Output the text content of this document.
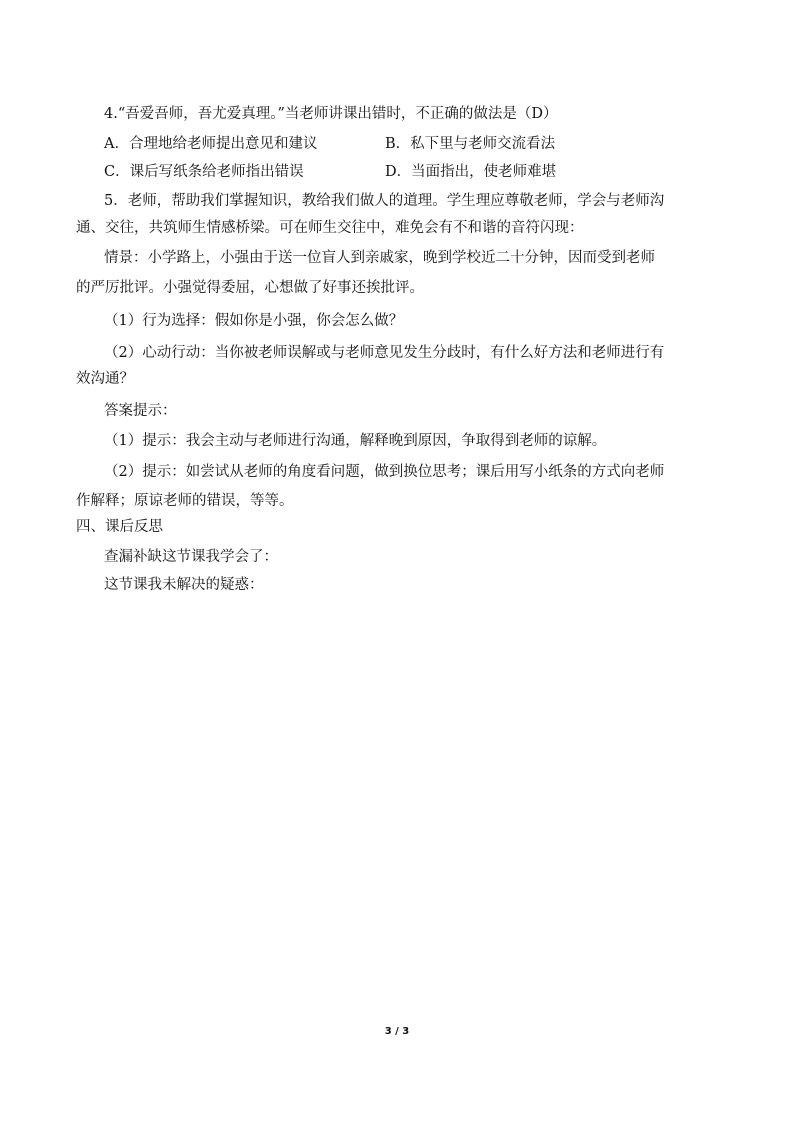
4.“吾爱吾师，吾尤爱真理。”当老师讲课出错时，不正确的做法是（D）
A．合理地给老师提出意见和建议	B．私下里与老师交流看法
C．课后写纸条给老师指出错误	D．当面指出，使老师难堪
5．老师，帮助我们掌握知识，教给我们做人的道理。学生理应尊敬老师，学会与老师沟
通、交往，共筑师生情感桥梁。可在师生交往中，难免会有不和谐的音符闪现：
情景：小学路上，小强由于送一位盲人到亲戚家，晚到学校近二十分钟，因而受到老师
的严厉批评。小强觉得委屈，心想做了好事还挨批评。
（1）行为选择：假如你是小强，你会怎么做？
（2）心动行动：当你被老师误解或与老师意见发生分歧时，有什么好方法和老师进行有
效沟通？
答案提示：
（1）提示：我会主动与老师进行沟通，解释晚到原因，争取得到老师的谅解。
（2）提示：如尝试从老师的角度看问题，做到换位思考；课后用写小纸条的方式向老师
作解释；原谅老师的错误，等等。
四、课后反思
查漏补缺这节课我学会了：
这节课我未解决的疑惑：
3 / 3
